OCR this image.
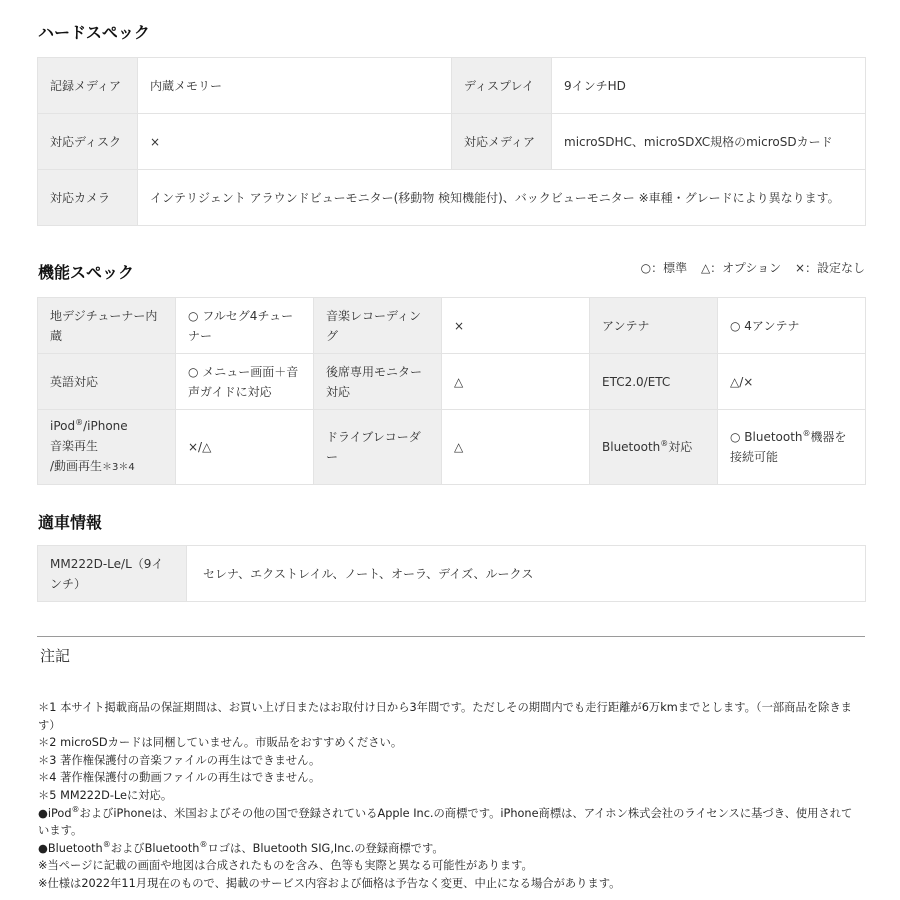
ハードスペック
記録メディア	内蔵メモリー	ディスプレイ	9インチHD
対応ディスク	×	対応メディア	microSDHC、microSDXC規格のmicroSDカード
対応カメラ	インテリジェント アラウンドビューモニター(移動物 検知機能付)、バックビューモニター ※車種・グレードにより異なります。		
機能スペック	○：標準 △：オプション ×：設定なし
地デジチューナー内蔵	○ フルセグ4チューナー	音楽レコーディング	×	アンテナ	○ 4アンテナ
英語対応	○ メニュー画面＋音声ガイドに対応	後席専用モニター対応	△	ETC2.0/ETC	△/×
iPod®/iPhone
音楽再生
/動画再生＊3＊4	×/△	ドライブレコーダー	△	Bluetooth®対応	○ Bluetooth®機器を接続可能
適車情報
MM222D-Le/L（9インチ）	セレナ、エクストレイル、ノート、オーラ、デイズ、ルークス
注記
＊1 本サイト掲載商品の保証期間は、お買い上げ日またはお取付け日から3年間です。ただしその期間内でも走行距離が6万kmまでとします。（一部商品を除きます）
＊2 microSDカードは同梱していません。市販品をおすすめください。
＊3 著作権保護付の音楽ファイルの再生はできません。
＊4 著作権保護付の動画ファイルの再生はできません。
＊5 MM222D-Leに対応。
●iPod®およびiPhoneは、米国およびその他の国で登録されているApple Inc.の商標です。iPhone商標は、アイホン株式会社のライセンスに基づき、使用されています。
●Bluetooth®およびBluetooth®ロゴは、Bluetooth SIG,Inc.の登録商標です。
※当ページに記載の画面や地図は合成されたものを含み、色等も実際と異なる可能性があります。
※仕様は2022年11月現在のもので、掲載のサービス内容および価格は予告なく変更、中止になる場合があります。
